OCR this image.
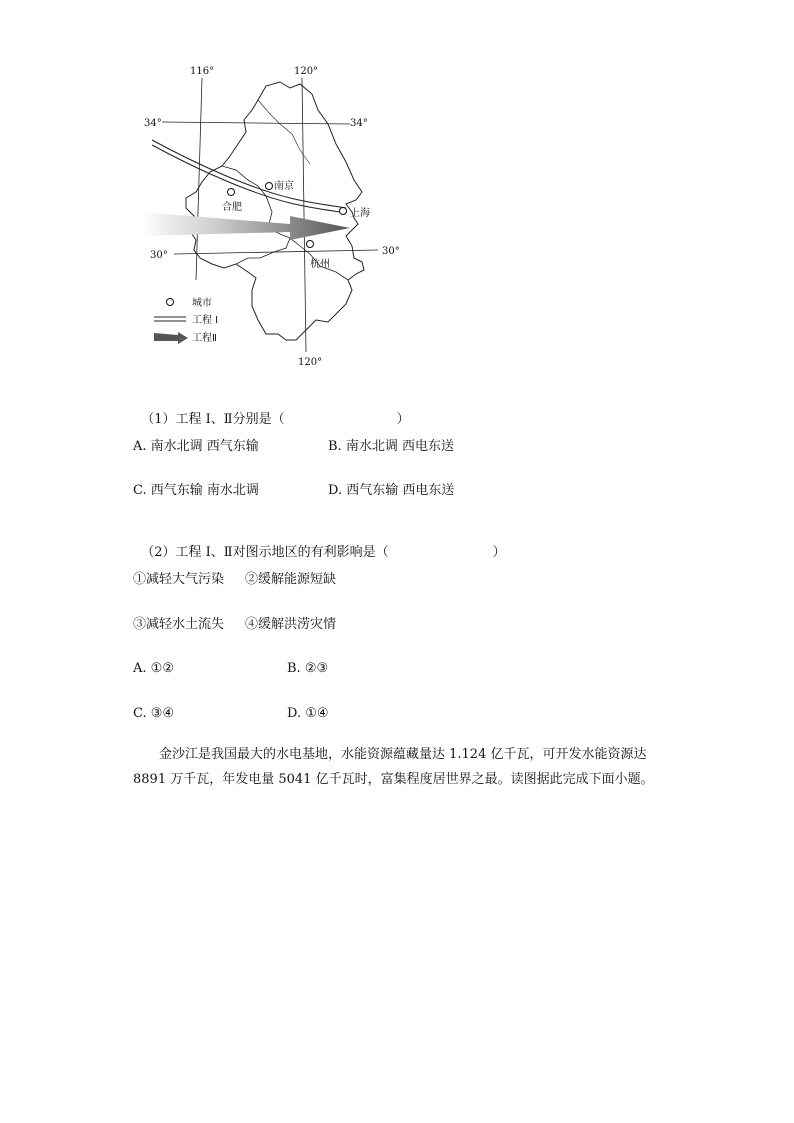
南京
合肥
上海
杭州
116°	120°
120°
34°	34°
30°	30°
城市
工程 I
工程Ⅱ

（1）工程 I、Ⅱ分别是（	）

A. 南水北调 西气东输	B. 南水北调 西电东送
C. 西气东输 南水北调	D. 西气东输 西电东送

（2）工程 I、Ⅱ对图示地区的有利影响是（	）

①减轻大气污染 ②缓解能源短缺
③减轻水土流失 ④缓解洪涝灾情
A. ①②	B. ②③
C. ③④	D. ①④
金沙江是我国最大的水电基地，水能资源蕴藏量达 1.124 亿千瓦，可开发水能资源达 8891 万千瓦，年发电量 5041 亿千瓦时，富集程度居世界之最。读图据此完成下面小题。
